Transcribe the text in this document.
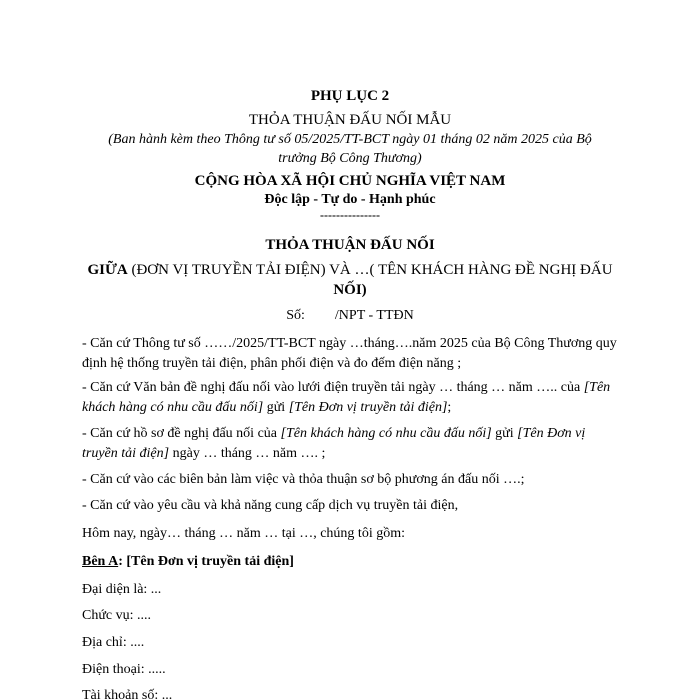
PHỤ LỤC 2
THỎA THUẬN ĐẤU NỐI MẪU
(Ban hành kèm theo Thông tư số 05/2025/TT-BCT ngày 01 tháng 02 năm 2025 của Bộ
trưởng Bộ Công Thương)
CỘNG HÒA XÃ HỘI CHỦ NGHĨA VIỆT NAM
Độc lập - Tự do - Hạnh phúc
---------------
THỎA THUẬN ĐẤU NỐI
GIỮA (ĐƠN VỊ TRUYỀN TẢI ĐIỆN) VÀ …( TÊN KHÁCH HÀNG ĐỀ NGHỊ ĐẤU
NỐI)
Số: /NPT - TTĐN
- Căn cứ Thông tư số ……/2025/TT-BCT ngày …tháng….năm 2025 của Bộ Công Thương quy định hệ thống truyền tải điện, phân phối điện và đo đếm điện năng ;
- Căn cứ Văn bản đề nghị đấu nối vào lưới điện truyền tải ngày … tháng … năm ….. của [Tên khách hàng có nhu cầu đấu nối] gửi [Tên Đơn vị truyền tải điện];
- Căn cứ hồ sơ đề nghị đấu nối của [Tên khách hàng có nhu cầu đấu nối] gửi [Tên Đơn vị truyền tải điện] ngày … tháng … năm …. ;
- Căn cứ vào các biên bản làm việc và thỏa thuận sơ bộ phương án đấu nối ….;
- Căn cứ vào yêu cầu và khả năng cung cấp dịch vụ truyền tải điện,
Hôm nay, ngày… tháng … năm … tại …, chúng tôi gồm:
Bên A: [Tên Đơn vị truyền tải điện]
Đại diện là: ...
Chức vụ: ....
Địa chỉ: ....
Điện thoại: .....
Tài khoản số: ...
